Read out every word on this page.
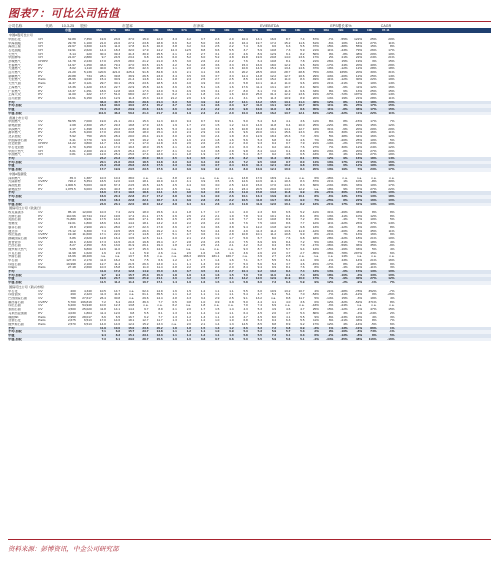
图表7：可比公司估值
公司名称	代码	10-3-25	股价	市盈率	市净率	EV/EBITDA	EPS增长率%	CAGR
市值	06A	07A	08A	09E	10E	06A	07A	08A	09E	10E	06A	07A	08A	09E	10E	07A	08A	09E	10E	11E	07-11
中国A股可比公司
中国石化	CH	62.89	7,350	19.9	23.6	37.0	15.0	12.0	3.3	4.2	3.7	2.3	2.0	10.4	13.1	16.6	8.7	7.4	67%	-7%	-55%	122%	25%	20%
中海油服	CH	29.78	1,100	21.0	24.6	27.2	23.8	18.8	6.6	6.2	5.0	3.8	3.0	16.4	19.7	17.2	15.2	11.6	61%	-6%	10%	14%	27%	11%
海油工程	CH	22.67	3,300	12.6	11.0	17.8	11.5	10.0	3.8	3.2	3.2	2.5	2.2	7.4	6.6	9.6	6.3	5.5	37%	15%	-38%	55%	15%	8%
石化油服	CH	19.91	2,620	14.4	18.3	32.0	17.9	14.2	12.3	12.5	8.8	6.6	5.5	3.7	5.9	10.8	7.3	5.9	21%	11%	-43%	79%	26%	17%
天然气	CH	6.14	220	30.4	39.3	41.3	30.9	25.5	2.1	2.3	2.7	3.1	2.0	4.6	8.9	12.9	9.1	8.2	56%	0%	-8%	48%	20%	10%
中国神华	CH	21.07	2,880	9.7	24.5	23.2	9.8	12.6	6.0	5.2	6.0	5.2	4.8	19.8	19.6	20.8	14.0	13.6	17%	2%	21%	22%	24%	21%
洪城燃气	CH/PV	14.78	2,230	17.0	23.5	28.0	21.2	21.0	3.5	3.0	2.6	2.2	2.2	7.6	6.4	10.8	8.1	7.8	21%	26%	15%	19%	3%	15%
长春燃气	PV	14.97	1,250	46.0	79.4	47.0	63.5	21.5	4.2	5.2	4.8	3.6	3.3	15.3	16.6	18.0	12.2	9.6	81%	-17%	44%	20%	40%	29%
大通燃气	PV	8.02	1,110	40.0	54.7	45.0	42.3	26.0	1.1	2.0	2.2	1.9	1.6	10.9	14.9	15.4	13.4	14.6	37%	19%	-12%	12%	28%	18%
百川燃气	PV	21.20	5,139	120.6	421.0	225.4	91.8	84.8	2.6	2.1	4.1	3.8	3.3	20.2	28.5	43.0	28.7	28.8	75%	-63%	165%	20%	30%	31%
新疆燃气	PV	20.88	734	28.1	39.8	39.9	26.5	23.0	3.4	3.5	3.6	3.7	3.3	12.4	14.8	12.2	12.7	10.6	29%	44%	-20%	12%	25%	14%
天伦燃气	Parts	25.66	4,040	15.4	30.9	21.4	14.8	12.1	2.8	2.4	2.5	2.7	2.5	8.5	12.0	15.2	11.0	8.3	49%	41%	-12%	30%	22%	19%
天然气油	Parts	11.37	3,121	29.7	30.1	25.9	23.6	18.5	4.6	4.0	4.9	3.0	2.3	5.8	10.1	11.2	11.0	9.6	22%	21%	-21%	9%	10%	14%
上海燃气	PV	13.36	1,420	15.3	22.7	22.9	15.8	12.6	3.6	4.5	5.1	1.6	1.6	17.6	11.4	13.1	10.7	8.4	60%	19%	-6%	11%	12%	16%
广东燃气	PV	13.37	1,251	18.6	12.8	19.6	17.3	13.0	5.4	4.9	3.5	3.1	2.7	8.0	6.1	7.0	11.3	6.6	33%	8%	6%	13%	25%	15%
上海大众	PV	11.00	422	17.7	51.0	68.0	22.7	20.4	6.2	4.1	1.8	1.6	1.6	10.0	25.0	31.4	12.2	13.6	19%	-67%	-72%	197%	16%	14%
百川能源	PV	13.61	6,150	13.6	12.9	11.3	15.3	14.0	21.2	2.6	1.9	2.1	2.1	3.1	2.5	11.3	10.9	8.9	20%	14%	19%	21%	28%	11%
平均	36.3	40.7	36.0	29.6	21.4	6.3	5.6	4.9	4.2	3.7	12.1	14.2	15.5	13.1	11.4	48%	12%	8%	14%	18%	20%
平均·加权	18.3	33.0	40.0	27.1	15.2	3.7	4.0	4.4	3.6	3.3	9.7	11.6	13.1	12.0	10.7	30%	11%	4%	25%	17%	15%
中值	72.4	23.6	23.9	20.6	14.6	3.6	3.3	2.4	2.2	2.0	9.8	10.6	11.6	9.8	8.6	35%	11%	-8%	36%	17%	15%
中值·加权	111.6	46.3	50.2	21.4	21.7	2.9	1.9	2.3	2.1	2.0	10.3	18.8	16.2	13.7	12.1	84%	-12%	-22%	11%	22%	11%
香港上市公司
中国燃气	CV	59.55	7,000	19.0	21.1	20.1	15.3	11.3	10.3	9.4	9.7	6.9	5.1	5.0	5.4	6.3	4.1	3.6	11%	8%	8%	-15%	17%	7%
新奥能源	CV	2.08	2,300	26.7	29.3	18.8	17.9	13.6	1.9	1.7	2.0	1.5	1.2	11.3	14.6	11.8	9.4	10.0	25%	-22%	8%	29%	15%	12%
华润燃气	PV	2.17	1,398	15.3	20.3	22.5	30.9	19.5	5.3	4.4	4.6	3.3	1.5	10.8	19.3	18.4	14.1	12.7	16%	31%	-6%	20%	20%	20%
港华燃气	PV	3.25	6,260	17.0	20.0	33.8	18.0	15.4	2.0	2.4	2.9	1.9	2.6	9.6	20.0	13.1	15.6	13.3	4%	-6%	30%	21%	16%	11%
北京控股	PV	5.92	750	20.6	28.4	20.0	29.4	21.9	3.0	2.9	3.0	2.4	1.8	8.3	12.9	18.4	15.3	7.0	-5%	5%	48%	34%	16%	12%
中国海洋石油	PV	6.41	3,770	9.9	10.0	9.5	19.2	6.6	1.5	1.6	2.2	1.8	1.6	5.6	5.3	6.8	9.2	4.6	7%	15%	-20%	25%	10%	5%
昆仑能源	CH/PV	14.22	3,800	14.7	16.4	17.1	17.0	14.8	2.6	2.6	2.6	2.5	2.2	6.0	9.3	9.4	9.7	7.9	21%	-14%	-2%	37%	23%	16%
中石化冠德	CH	4.70	6,250	14.4	17.0	19.3	18.0	15.5	4.1	4.4	4.8	4.5	3.4	6.3	8.1	9.2	10.4	7.6	27%	7%	30%	12%	24%	12%
中国天然气	CH	6.01	2,400	22.4	24.5	25.4	21.7	18.7	3.1	3.2	3.3	3.8	2.8	9.8	8.4	14.2	9.1	8.8	18%	23%	-8%	20%	27%	20%
中油燃气	CH	0.81	1,100	12.0	25.4	25.6	17.4	13.9	2.1	1.8	1.9	1.7	1.5	5.4	8.7	9.2	4.5	6.5	43%	9%	4%	18%	27%	19%
平均	24.2	24.3	22.6	20.0	16.4	3.5	3.4	3.5	2.9	2.6	8.2	9.6	11.3	10.6	8.1	15%	12%	9%	16%	18%	14%
平均·加权	20.1	21.6	20.6	18.5	14.8	3.3	3.3	3.4	3.0	2.6	7.2	9.5	10.8	9.7	8.0	14%	13%	17%	21%	15%	16%
中值	21.3	24.8	26.6	22.6	17.6	4.3	3.9	4.0	3.7	3.4	10.6	11.4	12.1	10.2	9.8	15%	13%	6%	12%	19%	18%
中值·加权	17.7	19.9	23.5	23.5	17.6	3.3	3.9	3.9	3.2	3.1	8.9	10.9	12.4	10.0	8.4	20%	13%	19%	5%	23%	17%
中国A股新股
深圳燃气	CV	35.3	1,387	10.3	10.4	38.0	n.a.	n.a.	3.8	2.4	n.a.	n.a.	n.a.	13.8	17.6	18.9	n.a.	n.a.	6%	-46%	n.a.	n.a.	n.a.	n.a.
九鼎新材	CV/PV	720.2	5,354	16.5	12.0	14.6	18.1	16.9	11.3	4.1	3.9	3.5	2.5	12.6	10.6	11.1	10.3	8.3	87%	21%	1%	10%	-8%	30%
海油发展	PV	1,006.5	5,003	42.8	67.3	24.5	16.5	14.5	4.5	4.4	3.0	3.0	2.5	14.0	15.0	17.0	14.3	8.3	66%	-24%	69%	33%	10%	17%
新奥股份	PV	1,075.5	6,003	29.6	40.3	36.7	24.9	22.3	4.5	n.a.	3.5	3.7	2.1	23.4	20.5	20.0	14.0	12.2	n.a.	18%	9%	37%	27%	22%
平均	16.6	17.1	19.6	18.6	14.1	4.0	3.8	3.3	3.0	2.6	11.9	15.8	14.3	11.8	9.9	4%	-21%	30%	13%	14%	10%
平均·加权	16.6	20.4	22.8	21.7	17.2	3.8	3.6	3.4	3.0	2.6	10.1	13.4	13.9	11.0	10.1	8%	-6%	43%	15%	13%	18%
中值	15.6	18.4	22.8	22.1	16.7	4.4	3.9	2.8	2.6	2.2	10.5	11.8	13.7	10.3	9.0	7%	-25%	8%	22%	16%	10%
中值·加权	24.6	23.1	22.0	18.0	13.2	3.8	3.4	3.1	2.6	2.3	11.8	11.9	12.6	10.1	8.2	13%	-21%	17%	31%	13%	10%
国际可比公司（欧美日）
埃克森美孚	CV	85.19	12,000	10.3	7.4	22.9	18.0	15.6	2.4	1.8	1.7	1.7	1.4	2.0	2.3	8.6	6.5	5.2	41%	31%	-46%	46%	8%	8%
壳牌石油	PV	110.66	10,744	19.2	19.6	17.4	21.1	17.5	2.6	2.5	2.2	2.1	1.9	7.8	9.4	10.1	9.4	8.4	8%	13%	-11%	10%	12%	8%
英国石油	PV	71,880	9,931	17.5	14.6	19.6	17.1	15.6	2.5	2.5	2.2	2.0	1.9	7.7	9.2	10.8	8.9	7.2	3%	18%	-4%	7%	10%	5%
雪佛龙	CV	19.01	1,800	18.6	16.4	14.2	18.1	13.2	2.0	2.2	2.6	2.2	1.8	7.6	7.5	10.0	8.6	7.7	12%	11%	-22%	26%	37%	14%
康菲石油	CV	15.8	2,900	22.1	28.0	22.7	22.3	17.9	3.6	2.7	3.2	3.6	3.8	9.4	12.2	13.8	12.9	9.8	13%	-3%	-12%	3%	20%	8%
道达尔	CV	73.12	6,300	7.4	19.5	15.5	29.3	19.2	2.1	5.3	5.0	4.4	3.9	4.9	11.3	11.2	13.6	11.9	-12%	66%	-20%	-8%	45%	11%
埃尼集团	CV/PV	19.48	11,600	17.1	22.2	17.1	14.8	13.7	5.1	4.7	3.6	3.1	2.8	10.8	10.1	11.2	10.8	9.9	8%	-21%	7%	13%	16%	9%
挪威国家石油	CV/PV	6.86	2,620	12.8	16.4	13.5	12.5	11.1	2.0	2.1	2.3	1.9	1.7	5.9	6.7	8.0	7.6	6.8	18%	28%	-22%	18%	21%	10%
雷普索尔	CV	40.6	2,320	17.3	14.5	21.6	19.8	15.4	2.7	2.8	2.6	2.5	2.4	7.5	6.9	9.9	8.4	7.2	5%	10%	-31%	7%	18%	4%
巴西石油	CV	8.27	2,450	8.9	13.0	31.9	26.1	19.4	1.8	2.4	2.5	2.4	2.1	4.2	6.2	9.4	8.5	7.9	-17%	-36%	-59%	36%	35%	-9%
俄罗斯天然气	CV	5.65	6,800	12.6	11.0	12.7	15.3	14.6	n.a.	n.a.	n.a.	n.a.	n.a.	9.3	8.7	8.3	5.7	9.4	14%	-15%	-16%	33%	5%	4%
卢克石油	CV	11.98	1,620	1.6	2.6	1.4	5.9	2.6	n.a.	2.6	1.6	1.8	1.3	3.6	2.6	2.0	3.7	2.7	-35%	38%	-78%	297%	15%	6%
罗斯石油	PV	16.66	48,409	n.a.	n.a.	13.7	8.8	n.a.	n.a.	166.3	163.9	181.1	166.7	n.a.	3.9	2.7	2.8	n.a.	n.a.	n.a.	14%	n.a.	n.a.	n.a.
中石油	PV	127.33	2,170	11.0	16.2	5.2	7.5	6.6	1.2	1.7	1.7	1.4	1.6	7.1	6.7	5.5	5.1	4.4	6%	-1%	43%	14%	21%	16%
印度石油	CV	19,998	2,100	12.7	11.4	21.5	26.3	13.0	1.1	1.1	1.3	0.9	0.7	5.3	5.6	5.4	3.7	4.6	-15%	-17%	8%	-2%	48%	9%
Origin	Parts	27.48	2,660	10.3	15.8	15.4	11.0	11.4	2.8	2.2	2.5	2.2	2.0	8.4	9.4	9.9	8.1	7.6	8%	-6%	-4%	31%	-11%	3%
平均	11.9	17.2	12.8	14.9	15.0	4.6	3.7	3.5	3.1	2.7	10.4	9.2	10.2	8.4	7.4	13%	14%	-6%	15%	13%	10%
平均·加权	9.7	9.4	15.7	25.3	15.3	1.8	1.6	1.6	1.6	1.5	7.0	7.8	11.0	9.1	7.4	18%	18%	-10%	-3%	43%	10%
中值	19.6	23.7	19.0	25.9	21.1	4.6	4.2	3.6	3.7	3.1	12.2	12.0	12.9	11.9	10.0	17%	7%	-9%	30%	27%	12%
中值·加权	11.5	11.2	11.4	16.7	17.1	1.4	1.6	1.6	1.5	1.4	5.8	6.0	7.3	6.4	5.9	9%	12%	-2%	-9%	-1%	7%
国际可比公司（新兴市场）
中石化	CV	200	4,340	10.5	14.7	n.a.	62.4	14.9	1.6	1.5	1.2	1.1	1.1	5.5	6.0	10.9	13.2	10.7	4%	21%	-28%	-78%	352%	-7%
印度信实	CV	260	2,423	11.3	11.6	n.a.	61.1	35.5	1.1	1.2	1.1	1.1	1.1	5.4	4.7	5.4	5.4	7.0	-53%	-7%	-11%	-12%	0%	-26%
巴西国家石油	CV	788	27,617	26.4	30.8	n.a.	29.6	14.4	4.8	4.3	3.4	2.9	2.5	9.1	13.2	n.a.	8.8	11.7	5%	-14%	15%	-3%	19%	4%
墨西哥石油	CV/PV	5,700	166,819	7.2	6.4	20.3	36.3	7.7	0.5	0.8	1.0	0.9	0.8	5.0	4.4	4.1	4.0	3.6	0%	12%	-32%	-52%	371%	8%
印尼石油	CV	6,200	54,940	10.0	12.3	13.8	n.a.	n.a.	6.2	n.a.	1.8	n.a.	n.a.	7.0	7.4	6.9	n.a.	n.a.	-43%	-3%	-24%	n.a.	n.a.	n.a.
泰国石油	CV	4,500	25,020	11.8	14.1	14.2	9.7	8.9	2.1	2.0	1.7	1.5	1.4	4.3	5.3	4.9	4.6	4.7	25%	15%	-12%	-1%	47%	15%
马来西亚国油	PV	4,030	1,804	11.4	12.0	9.8	5.5	6.1	1.3	1.6	1.4	1.2	1.1	6.4	4.5	2.0	4.7	5.3	80%	-26%	3%	-4%	-24%	2%
韩国SK	Parts	2,950	28,017	6.6	6.5	16.7	6.2	7.7	1.3	1.2	1.3	1.1	1.0	4.7	4.5	8.0	4.1	5.5	9%	-8%	-23%	10%	4%	3%
台塑石化	Parts	2,675	6,513	17.0	14.6	18.1	12.7	11.7	1.3	1.3	1.2	1.0	1.0	6.8	5.3	9.4	6.3	5.5	11%	6%	-21%	43%	8%	7%
俄罗斯石油	Parts	2,570	6,513	14.0	14.6	12.2	15.2	13.3	n.a.	2.0	2.1	1.4	1.3	14.5	8.5	8.8	8.9	9.2	17%	12%	4%	-14%	-5%	6%
平均	11.9	10.0	15.0	23.6	20.2	1.8	1.8	1.5	1.3	1.2	6.6	6.3	7.2	6.8	6.9	-3%	1%	-13%	-11%	86%	1%
平均·加权	7.1	6.6	15.7	23.7	14.8	1.1	1.2	1.1	1.0	0.9	5.3	5.3	5.9	5.7	5.3	2%	9%	-16%	-8%	74%	-1%
中值	9.4	8.3	15.1	23.1	13.3	1.1	1.3	1.2	1.1	1.0	5.8	5.5	7.3	6.1	6.3	6%	-2%	-13%	-8%	8%	5%
中值·加权	7.3	6.1	33.0	28.7	15.5	1.0	1.0	0.8	0.7	0.6	5.0	5.5	5.9	5.6	5.1	-4%	-34%	-35%	48%	116%	-16%
资料来源：彭博资讯，中金公司研究部
